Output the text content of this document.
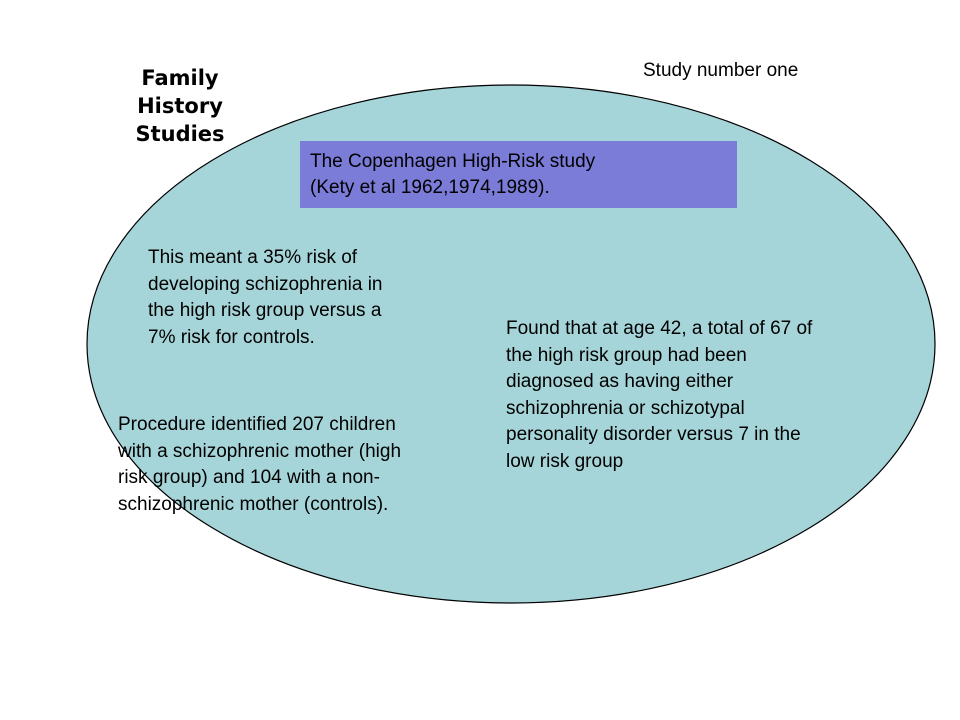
Family
History
Studies
Study number one
The Copenhagen High-Risk study
(Kety et al 1962,1974,1989).
This meant a 35% risk of
developing schizophrenia in
the high risk group versus a
7% risk for controls.	Found that at age 42, a total of 67 of
the high risk group had been
diagnosed as having either
schizophrenia or schizotypal
personality disorder versus 7 in the
low risk group
Procedure identified 207 children
with a schizophrenic mother (high
risk group) and 104 with a non-
schizophrenic mother (controls).
